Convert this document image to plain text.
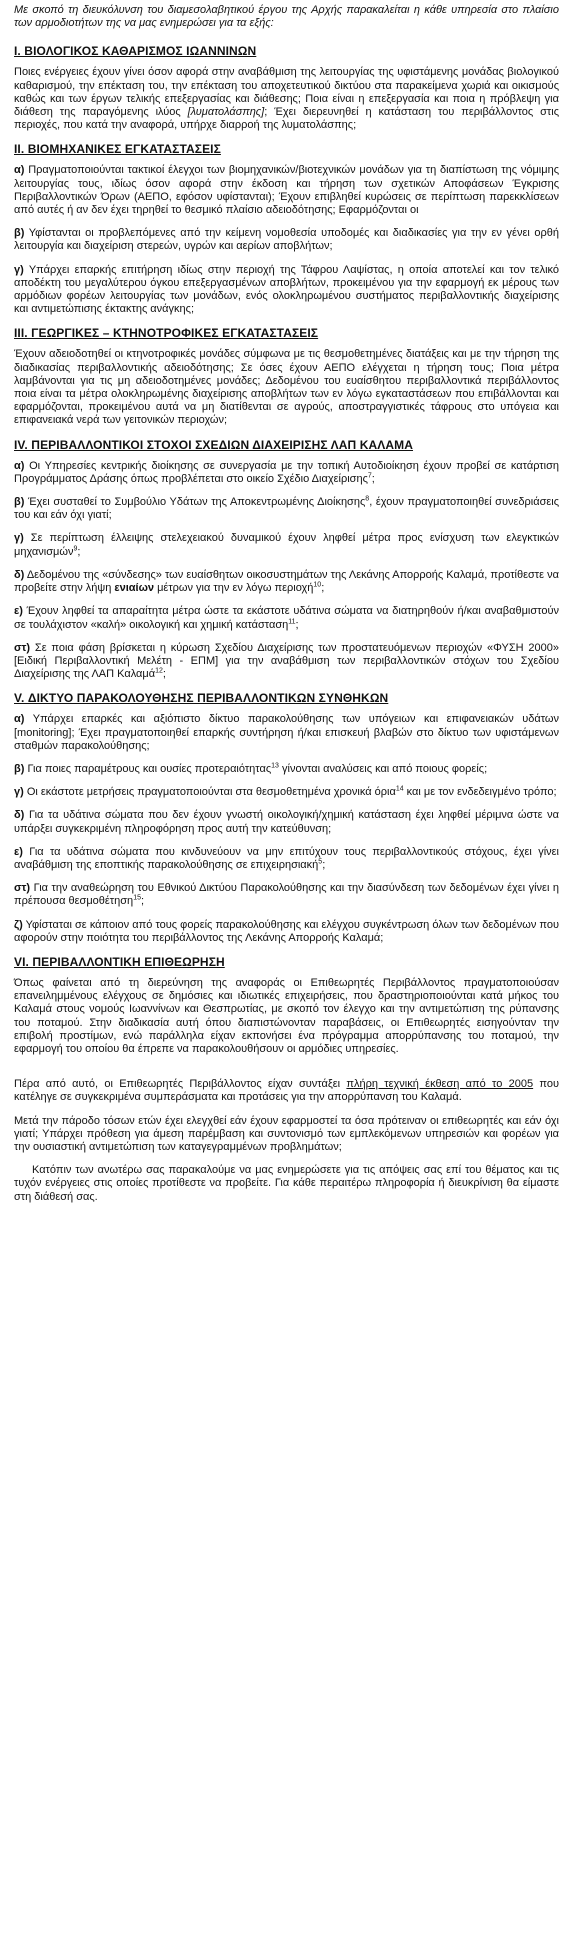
Με σκοπό τη διευκόλυνση του διαμεσολαβητικού έργου της Αρχής παρακαλείται η κάθε υπηρεσία στο πλαίσιο των αρμοδιοτήτων της να μας ενημερώσει για τα εξής:

I. ΒΙΟΛΟΓΙΚΟΣ ΚΑΘΑΡΙΣΜΟΣ ΙΩΑΝΝΙΝΩΝ

Ποιες ενέργειες έχουν γίνει όσον αφορά στην αναβάθμιση της λειτουργίας της υφιστάμενης μονάδας βιολογικού καθαρισμού, την επέκταση του, την επέκταση του αποχετευτικού δικτύου στα παρακείμενα χωριά και οικισμούς καθώς και των έργων τελικής επεξεργασίας και διάθεσης; Ποια είναι η επεξεργασία και ποια η πρόβλεψη για διάθεση της παραγόμενης ιλύος [λυματολάσπης]; Έχει διερευνηθεί η κατάσταση του περιβάλλοντος στις περιοχές, που κατά την αναφορά, υπήρχε διαρροή της λυματολάσπης;

II. ΒΙΟΜΗΧΑΝΙΚΕΣ ΕΓΚΑΤΑΣΤΑΣΕΙΣ

α) Πραγματοποιούνται τακτικοί έλεγχοι των βιομηχανικών/βιοτεχνικών μονάδων για τη διαπίστωση της νόμιμης λειτουργίας τους, ιδίως όσον αφορά στην έκδοση και τήρηση των σχετικών Αποφάσεων Έγκρισης Περιβαλλοντικών Όρων (ΑΕΠΟ, εφόσον υφίστανται); Έχουν επιβληθεί κυρώσεις σε περίπτωση παρεκκλίσεων από αυτές ή αν δεν έχει τηρηθεί το θεσμικό πλαίσιο αδειοδότησης; Εφαρμόζονται οι

β) Υφίστανται οι προβλεπόμενες από την κείμενη νομοθεσία υποδομές και διαδικασίες για την εν γένει ορθή λειτουργία και διαχείριση στερεών, υγρών και αερίων αποβλήτων;

γ) Υπάρχει επαρκής επιτήρηση ιδίως στην περιοχή της Τάφρου Λαψίστας, η οποία αποτελεί και τον τελικό αποδέκτη του μεγαλύτερου όγκου επεξεργασμένων αποβλήτων, προκειμένου για την εφαρμογή εκ μέρους των αρμόδιων φορέων λειτουργίας των μονάδων, ενός ολοκληρωμένου συστήματος περιβαλλοντικής διαχείρισης και αντιμετώπισης έκτακτης ανάγκης;

III. ΓΕΩΡΓΙΚΕΣ – ΚΤΗΝΟΤΡΟΦΙΚΕΣ ΕΓΚΑΤΑΣΤΑΣΕΙΣ

Έχουν αδειοδοτηθεί οι κτηνοτροφικές μονάδες σύμφωνα με τις θεσμοθετημένες διατάξεις και με την τήρηση της διαδικασίας περιβαλλοντικής αδειοδότησης; Σε όσες έχουν ΑΕΠΟ ελέγχεται η τήρηση τους; Ποια μέτρα λαμβάνονται για τις μη αδειοδοτημένες μονάδες; Δεδομένου του ευαίσθητου περιβαλλοντικά περιβάλλοντος ποια είναι τα μέτρα ολοκληρωμένης διαχείρισης αποβλήτων των εν λόγω εγκαταστάσεων που επιβάλλονται και εφαρμόζονται, προκειμένου αυτά να μη διατίθενται σε αγρούς, αποστραγγιστικές τάφρους στο υπόγεια και επιφανειακά νερά των γειτονικών περιοχών;

IV. ΠΕΡΙΒΑΛΛΟΝΤΙΚΟΙ ΣΤΟΧΟΙ ΣΧΕΔΙΩΝ ΔΙΑΧΕΙΡΙΣΗΣ ΛΑΠ ΚΑΛΑΜΑ

α) Οι Υπηρεσίες κεντρικής διοίκησης σε συνεργασία με την τοπική Αυτοδιοίκηση έχουν προβεί σε κατάρτιση Προγράμματος Δράσης όπως προβλέπεται στο οικείο Σχέδιο Διαχείρισης$^7$;

β) Έχει συσταθεί το Συμβούλιο Υδάτων της Αποκεντρωμένης Διοίκησης$^8$, έχουν πραγματοποιηθεί συνεδριάσεις του και εάν όχι γιατί;

γ) Σε περίπτωση έλλειψης στελεχειακού δυναμικού έχουν ληφθεί μέτρα προς ενίσχυση των ελεγκτικών μηχανισμών$^9$;

δ) Δεδομένου της «σύνδεσης» των ευαίσθητων οικοσυστημάτων της Λεκάνης Απορροής Καλαμά, προτίθεστε να προβείτε στην λήψη ενιαίων μέτρων για την εν λόγω περιοχή$^{10}$;

ε) Έχουν ληφθεί τα απαραίτητα μέτρα ώστε τα εκάστοτε υδάτινα σώματα να διατηρηθούν ή/και αναβαθμιστούν σε τουλάχιστον «καλή» οικολογική και χημική κατάσταση$^{11}$;

στ) Σε ποια φάση βρίσκεται η κύρωση Σχεδίου Διαχείρισης των προστατευόμενων περιοχών «ΦΥΣΗ 2000» [Ειδική Περιβαλλοντική Μελέτη - ΕΠΜ] για την αναβάθμιση των περιβαλλοντικών στόχων του Σχεδίου Διαχείρισης της ΛΑΠ Καλαμά$^{12}$;

V. ΔΙΚΤΥΟ ΠΑΡΑΚΟΛΟΥΘΗΣΗΣ ΠΕΡΙΒΑΛΛΟΝΤΙΚΩΝ ΣΥΝΘΗΚΩΝ

α) Υπάρχει επαρκές και αξιόπιστο δίκτυο παρακολούθησης των υπόγειων και επιφανειακών υδάτων [monitoring]; Έχει πραγματοποιηθεί επαρκής συντήρηση ή/και επισκευή βλαβών στο δίκτυο των υφιστάμενων σταθμών παρακολούθησης;

β) Για ποιες παραμέτρους και ουσίες προτεραιότητας$^{13}$ γίνονται αναλύσεις και από ποιους φορείς;

γ) Οι εκάστοτε μετρήσεις πραγματοποιούνται στα θεσμοθετημένα χρονικά όρια$^{14}$ και με τον ενδεδειγμένο τρόπο;

δ) Για τα υδάτινα σώματα που δεν έχουν γνωστή οικολογική/χημική κατάσταση έχει ληφθεί μέριμνα ώστε να υπάρξει συγκεκριμένη πληροφόρηση προς αυτή την κατεύθυνση;

ε) Για τα υδάτινα σώματα που κινδυνεύουν να μην επιτύχουν τους περιβαλλοντικούς στόχους, έχει γίνει αναβάθμιση της εποπτικής παρακολούθησης σε επιχειρησιακή$^5$;

στ) Για την αναθεώρηση του Εθνικού Δικτύου Παρακολούθησης και την διασύνδεση των δεδομένων έχει γίνει η πρέπουσα θεσμοθέτηση$^{15}$;

ζ) Υφίσταται σε κάποιον από τους φορείς παρακολούθησης και ελέγχου συγκέντρωση όλων των δεδομένων που αφορούν στην ποιότητα του περιβάλλοντος της Λεκάνης Απορροής Καλαμά;

VI. ΠΕΡΙΒΑΛΛΟΝΤΙΚΗ ΕΠΙΘΕΩΡΗΣΗ

Όπως φαίνεται από τη διερεύνηση της αναφοράς οι Επιθεωρητές Περιβάλλοντος πραγματοποιούσαν επανειλημμένους ελέγχους σε δημόσιες και ιδιωτικές επιχειρήσεις, που δραστηριοποιούνται κατά μήκος του Καλαμά στους νομούς Ιωαννίνων και Θεσπρωτίας, με σκοπό τον έλεγχο και την αντιμετώπιση της ρύπανσης του ποταμού. Στην διαδικασία αυτή όπου διαπιστώνονταν παραβάσεις, οι Επιθεωρητές εισηγούνταν την επιβολή προστίμων, ενώ παράλληλα είχαν εκπονήσει ένα πρόγραμμα απορρύπανσης του ποταμού, την εφαρμογή του οποίου θα έπρεπε να παρακολουθήσουν οι αρμόδιες υπηρεσίες.

Πέρα από αυτό, οι Επιθεωρητές Περιβάλλοντος είχαν συντάξει πλήρη τεχνική έκθεση από το 2005 που κατέληγε σε συγκεκριμένα συμπεράσματα και προτάσεις για την απορρύπανση του Καλαμά.

Μετά την πάροδο τόσων ετών έχει ελεγχθεί εάν έχουν εφαρμοστεί τα όσα πρότειναν οι επιθεωρητές και εάν όχι γιατί; Υπάρχει πρόθεση για άμεση παρέμβαση και συντονισμό των εμπλεκόμενων υπηρεσιών και φορέων για την ουσιαστική αντιμετώπιση των καταγεγραμμένων προβλημάτων;

Κατόπιν των ανωτέρω σας παρακαλούμε να μας ενημερώσετε για τις απόψεις σας επί του θέματος και τις τυχόν ενέργειες στις οποίες προτίθεστε να προβείτε. Για κάθε περαιτέρω πληροφορία ή διευκρίνιση θα είμαστε στη διάθεσή σας.
